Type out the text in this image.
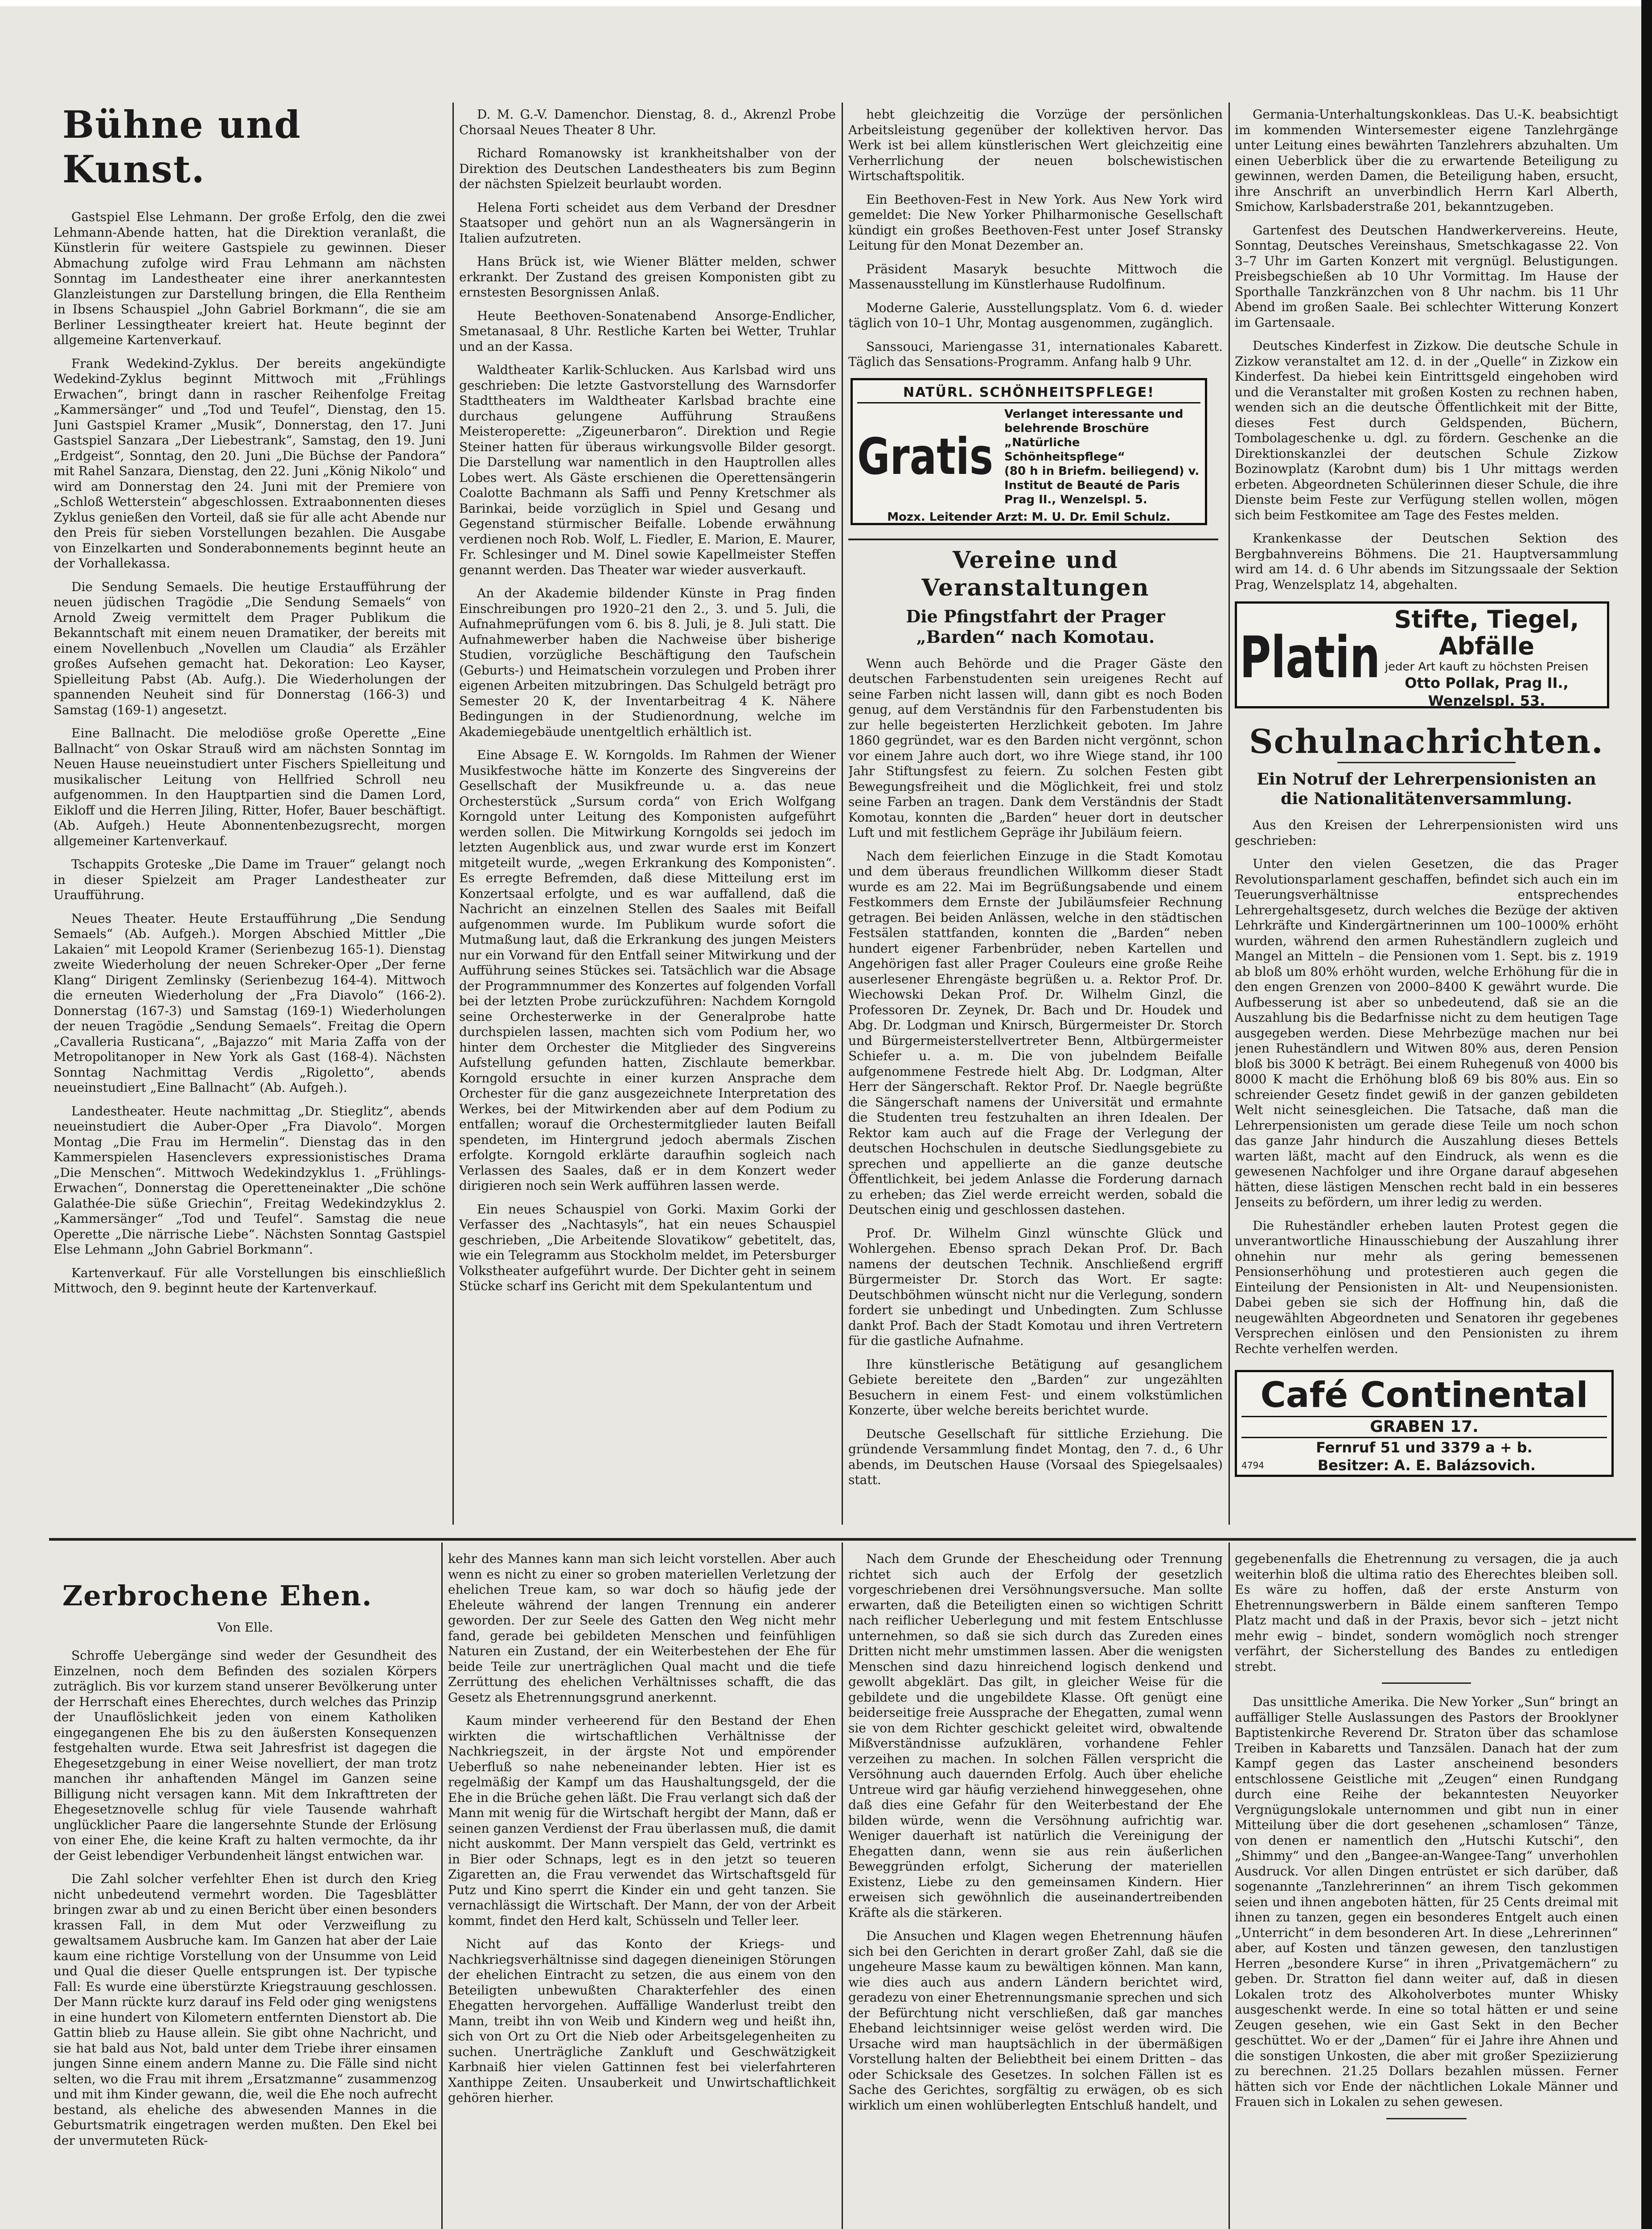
Bühne und Kunst.

Gastspiel Else Lehmann. Der große Erfolg, den die zwei Lehmann-Abende hatten, hat die Direktion veranlaßt, die Künstlerin für weitere Gastspiele zu gewinnen. Dieser Abmachung zufolge wird Frau Lehmann am nächsten Sonntag im Landestheater eine ihrer anerkanntesten Glanzleistungen zur Darstellung bringen, die Ella Rentheim in Ibsens Schauspiel „John Gabriel Borkmann“, die sie am Berliner Lessingtheater kreiert hat. Heute beginnt der allgemeine Kartenverkauf.

Frank Wedekind-Zyklus. Der bereits angekündigte Wedekind-Zyklus beginnt Mittwoch mit „Frühlings Erwachen“, bringt dann in rascher Reihenfolge Freitag „Kammersänger“ und „Tod und Teufel“, Dienstag, den 15. Juni Gastspiel Kramer „Musik“, Donnerstag, den 17. Juni Gastspiel Sanzara „Der Liebestrank“, Samstag, den 19. Juni „Erdgeist“, Sonntag, den 20. Juni „Die Büchse der Pandora“ mit Rahel Sanzara, Dienstag, den 22. Juni „König Nikolo“ und wird am Donnerstag den 24. Juni mit der Premiere von „Schloß Wetterstein“ abgeschlossen. Extraabonnenten dieses Zyklus genießen den Vorteil, daß sie für alle acht Abende nur den Preis für sieben Vorstellungen bezahlen. Die Ausgabe von Einzelkarten und Sonderabonnements beginnt heute an der Vorhallekassa.

Die Sendung Semaels. Die heutige Erstaufführung der neuen jüdischen Tragödie „Die Sendung Semaels“ von Arnold Zweig vermittelt dem Prager Publikum die Bekanntschaft mit einem neuen Dramatiker, der bereits mit einem Novellenbuch „Novellen um Claudia“ als Erzähler großes Aufsehen gemacht hat. Dekoration: Leo Kayser, Spielleitung Pabst (Ab. Aufg.). Die Wiederholungen der spannenden Neuheit sind für Donnerstag (166-3) und Samstag (169-1) angesetzt.

Eine Ballnacht. Die melodiöse große Operette „Eine Ballnacht“ von Oskar Strauß wird am nächsten Sonntag im Neuen Hause neueinstudiert unter Fischers Spielleitung und musikalischer Leitung von Hellfried Schroll neu aufgenommen. In den Hauptpartien sind die Damen Lord, Eikloff und die Herren Jiling, Ritter, Hofer, Bauer beschäftigt. (Ab. Aufgeh.) Heute Abonnentenbezugsrecht, morgen allgemeiner Kartenverkauf.

Tschappits Groteske „Die Dame im Trauer“ gelangt noch in dieser Spielzeit am Prager Landestheater zur Uraufführung.

Neues Theater. Heute Erstaufführung „Die Sendung Semaels“ (Ab. Aufgeh.). Morgen Abschied Mittler „Die Lakaien“ mit Leopold Kramer (Serienbezug 165-1). Dienstag zweite Wiederholung der neuen Schreker-Oper „Der ferne Klang“ Dirigent Zemlinsky (Serienbezug 164-4). Mittwoch die erneuten Wiederholung der „Fra Diavolo“ (166-2). Donnerstag (167-3) und Samstag (169-1) Wiederholungen der neuen Tragödie „Sendung Semaels“. Freitag die Opern „Cavalleria Rusticana“, „Bajazzo“ mit Maria Zaffa von der Metropolitanoper in New York als Gast (168-4). Nächsten Sonntag Nachmittag Verdis „Rigoletto“, abends neueinstudiert „Eine Ballnacht“ (Ab. Aufgeh.).

Landestheater. Heute nachmittag „Dr. Stieglitz“, abends neueinstudiert die Auber-Oper „Fra Diavolo“. Morgen Montag „Die Frau im Hermelin“. Dienstag das in den Kammerspielen Hasenclevers expressionistisches Drama „Die Menschen“. Mittwoch Wedekindzyklus 1. „Frühlings-Erwachen“, Donnerstag die Operetteneinakter „Die schöne Galathée-Die süße Griechin“, Freitag Wedekindzyklus 2. „Kammersänger“ „Tod und Teufel“. Samstag die neue Operette „Die närrische Liebe“. Nächsten Sonntag Gastspiel Else Lehmann „John Gabriel Borkmann“.

Kartenverkauf. Für alle Vorstellungen bis einschließlich Mittwoch, den 9. beginnt heute der Kartenverkauf.

D. M. G.-V. Damenchor. Dienstag, 8. d., Akrenzl Probe Chorsaal Neues Theater 8 Uhr.

Richard Romanowsky ist krankheitshalber von der Direktion des Deutschen Landestheaters bis zum Beginn der nächsten Spielzeit beurlaubt worden.

Helena Forti scheidet aus dem Verband der Dresdner Staatsoper und gehört nun an als Wagnersängerin in Italien aufzutreten.

Hans Brück ist, wie Wiener Blätter melden, schwer erkrankt. Der Zustand des greisen Komponisten gibt zu ernstesten Besorgnissen Anlaß.

Heute Beethoven-Sonatenabend Ansorge-Endlicher, Smetanasaal, 8 Uhr. Restliche Karten bei Wetter, Truhlar und an der Kassa.

Waldtheater Karlik-Schlucken. Aus Karlsbad wird uns geschrieben: Die letzte Gastvorstellung des Warnsdorfer Stadttheaters im Waldtheater Karlsbad brachte eine durchaus gelungene Aufführung Straußens Meisteroperette: „Zigeunerbaron“. Direktion und Regie Steiner hatten für überaus wirkungsvolle Bilder gesorgt. Die Darstellung war namentlich in den Hauptrollen alles Lobes wert. Als Gäste erschienen die Operettensängerin Coalotte Bachmann als Saffi und Penny Kretschmer als Barinkai, beide vorzüglich in Spiel und Gesang und Gegenstand stürmischer Beifalle. Lobende erwähnung verdienen noch Rob. Wolf, L. Fiedler, E. Marion, E. Maurer, Fr. Schlesinger und M. Dinel sowie Kapellmeister Steffen genannt werden. Das Theater war wieder ausverkauft.

An der Akademie bildender Künste in Prag finden Einschreibungen pro 1920–21 den 2., 3. und 5. Juli, die Aufnahmeprüfungen vom 6. bis 8. Juli, je 8. Juli statt. Die Aufnahmewerber haben die Nachweise über bisherige Studien, vorzügliche Beschäftigung den Taufschein (Geburts-) und Heimatschein vorzulegen und Proben ihrer eigenen Arbeiten mitzubringen. Das Schulgeld beträgt pro Semester 20 K, der Inventarbeitrag 4 K. Nähere Bedingungen in der Studienordnung, welche im Akademiegebäude unentgeltlich erhältlich ist.

Eine Absage E. W. Korngolds. Im Rahmen der Wiener Musikfestwoche hätte im Konzerte des Singvereins der Gesellschaft der Musikfreunde u. a. das neue Orchesterstück „Sursum corda“ von Erich Wolfgang Korngold unter Leitung des Komponisten aufgeführt werden sollen. Die Mitwirkung Korngolds sei jedoch im letzten Augenblick aus, und zwar wurde erst im Konzert mitgeteilt wurde, „wegen Erkrankung des Komponisten“. Es erregte Befremden, daß diese Mitteilung erst im Konzertsaal erfolgte, und es war auffallend, daß die Nachricht an einzelnen Stellen des Saales mit Beifall aufgenommen wurde. Im Publikum wurde sofort die Mutmaßung laut, daß die Erkrankung des jungen Meisters nur ein Vorwand für den Entfall seiner Mitwirkung und der Aufführung seines Stückes sei. Tatsächlich war die Absage der Programmnummer des Konzertes auf folgenden Vorfall bei der letzten Probe zurückzuführen: Nachdem Korngold seine Orchesterwerke in der Generalprobe hatte durchspielen lassen, machten sich vom Podium her, wo hinter dem Orchester die Mitglieder des Singvereins Aufstellung gefunden hatten, Zischlaute bemerkbar. Korngold ersuchte in einer kurzen Ansprache dem Orchester für die ganz ausgezeichnete Interpretation des Werkes, bei der Mitwirkenden aber auf dem Podium zu entfallen; worauf die Orchestermitglieder lauten Beifall spendeten, im Hintergrund jedoch abermals Zischen erfolgte. Korngold erklärte daraufhin sogleich nach Verlassen des Saales, daß er in dem Konzert weder dirigieren noch sein Werk aufführen lassen werde.

Ein neues Schauspiel von Gorki. Maxim Gorki der Verfasser des „Nachtasyls“, hat ein neues Schauspiel geschrieben, „Die Arbeitende Slovatikow“ gebetitelt, das, wie ein Telegramm aus Stockholm meldet, im Petersburger Volkstheater aufgeführt wurde. Der Dichter geht in seinem Stücke scharf ins Gericht mit dem Spekulantentum und

hebt gleichzeitig die Vorzüge der persönlichen Arbeitsleistung gegenüber der kollektiven hervor. Das Werk ist bei allem künstlerischen Wert gleichzeitig eine Verherrlichung der neuen bolschewistischen Wirtschaftspolitik.

Ein Beethoven-Fest in New York. Aus New York wird gemeldet: Die New Yorker Philharmonische Gesellschaft kündigt ein großes Beethoven-Fest unter Josef Stransky Leitung für den Monat Dezember an.

Präsident Masaryk besuchte Mittwoch die Massenausstellung im Künstlerhause Rudolfinum.

Moderne Galerie, Ausstellungsplatz. Vom 6. d. wieder täglich von 10–1 Uhr, Montag ausgenommen, zugänglich.

Sanssouci, Mariengasse 31, internationales Kabarett. Täglich das Sensations-Programm. Anfang halb 9 Uhr.

NATÜRL. SCHÖNHEITSPFLEGE!
Gratis
Verlanget interessante und belehrende Broschüre „Natürliche Schönheitspflege“
(80 h in Briefm. beiliegend) v.
Institut de Beauté de Paris Prag II., Wenzelspl. 5.
Mozx. Leitender Arzt: M. U. Dr. Emil Schulz.
Vereine und Veranstaltungen
Die Pfingstfahrt der Prager „Barden“ nach Komotau.

Wenn auch Behörde und die Prager Gäste den deutschen Farbenstudenten sein ureigenes Recht auf seine Farben nicht lassen will, dann gibt es noch Boden genug, auf dem Verständnis für den Farbenstudenten bis zur helle begeisterten Herzlichkeit geboten. Im Jahre 1860 gegründet, war es den Barden nicht vergönnt, schon vor einem Jahre auch dort, wo ihre Wiege stand, ihr 100 Jahr Stiftungsfest zu feiern. Zu solchen Festen gibt Bewegungsfreiheit und die Möglichkeit, frei und stolz seine Farben an tragen. Dank dem Verständnis der Stadt Komotau, konnten die „Barden“ heuer dort in deutscher Luft und mit festlichem Gepräge ihr Jubiläum feiern.

Nach dem feierlichen Einzuge in die Stadt Komotau und dem überaus freundlichen Willkomm dieser Stadt wurde es am 22. Mai im Begrüßungsabende und einem Festkommers dem Ernste der Jubiläumsfeier Rechnung getragen. Bei beiden Anlässen, welche in den städtischen Festsälen stattfanden, konnten die „Barden“ neben hundert eigener Farbenbrüder, neben Kartellen und Angehörigen fast aller Prager Couleurs eine große Reihe auserlesener Ehrengäste begrüßen u. a. Rektor Prof. Dr. Wiechowski Dekan Prof. Dr. Wilhelm Ginzl, die Professoren Dr. Zeynek, Dr. Bach und Dr. Houdek und Abg. Dr. Lodgman und Knirsch, Bürgermeister Dr. Storch und Bürgermeisterstellvertreter Benn, Altbürgermeister Schiefer u. a. m. Die von jubelndem Beifalle aufgenommene Festrede hielt Abg. Dr. Lodgman, Alter Herr der Sängerschaft. Rektor Prof. Dr. Naegle begrüßte die Sängerschaft namens der Universität und ermahnte die Studenten treu festzuhalten an ihren Idealen. Der Rektor kam auch auf die Frage der Verlegung der deutschen Hochschulen in deutsche Siedlungsgebiete zu sprechen und appellierte an die ganze deutsche Öffentlichkeit, bei jedem Anlasse die Forderung darnach zu erheben; das Ziel werde erreicht werden, sobald die Deutschen einig und geschlossen dastehen.

Prof. Dr. Wilhelm Ginzl wünschte Glück und Wohlergehen. Ebenso sprach Dekan Prof. Dr. Bach namens der deutschen Technik. Anschließend ergriff Bürgermeister Dr. Storch das Wort. Er sagte: Deutschböhmen wünscht nicht nur die Verlegung, sondern fordert sie unbedingt und Unbedingten. Zum Schlusse dankt Prof. Bach der Stadt Komotau und ihren Vertretern für die gastliche Aufnahme.

Ihre künstlerische Betätigung auf gesanglichem Gebiete bereitete den „Barden“ zur ungezählten Besuchern in einem Fest- und einem volkstümlichen Konzerte, über welche bereits berichtet wurde.

Deutsche Gesellschaft für sittliche Erziehung. Die gründende Versammlung findet Montag, den 7. d., 6 Uhr abends, im Deutschen Hause (Vorsaal des Spiegelsaales) statt.

Germania-Unterhaltungskonkleas. Das U.-K. beabsichtigt im kommenden Wintersemester eigene Tanzlehrgänge unter Leitung eines bewährten Tanzlehrers abzuhalten. Um einen Ueberblick über die zu erwartende Beteiligung zu gewinnen, werden Damen, die Beteiligung haben, ersucht, ihre Anschrift an unverbindlich Herrn Karl Alberth, Smichow, Karlsbaderstraße 201, bekanntzugeben.

Gartenfest des Deutschen Handwerkervereins. Heute, Sonntag, Deutsches Vereinshaus, Smetschkagasse 22. Von 3–7 Uhr im Garten Konzert mit vergnügl. Belustigungen. Preisbegschießen ab 10 Uhr Vormittag. Im Hause der Sporthalle Tanzkränzchen von 8 Uhr nachm. bis 11 Uhr Abend im großen Saale. Bei schlechter Witterung Konzert im Gartensaale.

Deutsches Kinderfest in Zizkow. Die deutsche Schule in Zizkow veranstaltet am 12. d. in der „Quelle“ in Zizkow ein Kinderfest. Da hiebei kein Eintrittsgeld eingehoben wird und die Veranstalter mit großen Kosten zu rechnen haben, wenden sich an die deutsche Öffentlichkeit mit der Bitte, dieses Fest durch Geldspenden, Büchern, Tombolageschenke u. dgl. zu fördern. Geschenke an die Direktionskanzlei der deutschen Schule Zizkow Bozinowplatz (Karobnt dum) bis 1 Uhr mittags werden erbeten. Abgeordneten Schülerinnen dieser Schule, die ihre Dienste beim Feste zur Verfügung stellen wollen, mögen sich beim Festkomitee am Tage des Festes melden.

Krankenkasse der Deutschen Sektion des Bergbahnvereins Böhmens. Die 21. Hauptversammlung wird am 14. d. 6 Uhr abends im Sitzungssaale der Sektion Prag, Wenzelsplatz 14, abgehalten.

Platin
Stifte, Tiegel,
Abfälle
jeder Art kauft zu höchsten Preisen
Otto Pollak, Prag II., Wenzelspl. 53.
Schulnachrichten.
Ein Notruf der Lehrerpensionisten an die Nationalitätenversammlung.

Aus den Kreisen der Lehrerpensionisten wird uns geschrieben:

Unter den vielen Gesetzen, die das Prager Revolutionsparlament geschaffen, befindet sich auch ein im Teuerungsverhältnisse entsprechendes Lehrergehaltsgesetz, durch welches die Bezüge der aktiven Lehrkräfte und Kindergärtnerinnen um 100–1000% erhöht wurden, während den armen Ruheständlern zugleich und Mangel an Mitteln – die Pensionen vom 1. Sept. bis z. 1919 ab bloß um 80% erhöht wurden, welche Erhöhung für die in den engen Grenzen von 2000–8400 K gewährt wurde. Die Aufbesserung ist aber so unbedeutend, daß sie an die Auszahlung bis die Bedarfnisse nicht zu dem heutigen Tage ausgegeben werden. Diese Mehrbezüge machen nur bei jenen Ruheständlern und Witwen 80% aus, deren Pension bloß bis 3000 K beträgt. Bei einem Ruhegenuß von 4000 bis 8000 K macht die Erhöhung bloß 69 bis 80% aus. Ein so schreiender Gesetz findet gewiß in der ganzen gebildeten Welt nicht seinesgleichen. Die Tatsache, daß man die Lehrerpensionisten um gerade diese Teile um noch schon das ganze Jahr hindurch die Auszahlung dieses Bettels warten läßt, macht auf den Eindruck, als wenn es die gewesenen Nachfolger und ihre Organe darauf abgesehen hätten, diese lästigen Menschen recht bald in ein besseres Jenseits zu befördern, um ihrer ledig zu werden.

Die Ruheständler erheben lauten Protest gegen die unverantwortliche Hinausschiebung der Auszahlung ihrer ohnehin nur mehr als gering bemessenen Pensionserhöhung und protestieren auch gegen die Einteilung der Pensionisten in Alt- und Neupensionisten. Dabei geben sie sich der Hoffnung hin, daß die neugewählten Abgeordneten und Senatoren ihr gegebenes Versprechen einlösen und den Pensionisten zu ihrem Rechte verhelfen werden.

Café Continental
GRABEN 17.
Fernruf 51 und 3379 a + b.
4794	Besitzer: A. E. Balázsovich.
Zerbrochene Ehen.
Von Elle.

Schroffe Uebergänge sind weder der Gesundheit des Einzelnen, noch dem Befinden des sozialen Körpers zuträglich. Bis vor kurzem stand unserer Bevölkerung unter der Herrschaft eines Eherechtes, durch welches das Prinzip der Unauflöslichkeit jeden von einem Katholiken eingegangenen Ehe bis zu den äußersten Konsequenzen festgehalten wurde. Etwa seit Jahresfrist ist dagegen die Ehegesetzgebung in einer Weise novelliert, der man trotz manchen ihr anhaftenden Mängel im Ganzen seine Billigung nicht versagen kann. Mit dem Inkrafttreten der Ehegesetznovelle schlug für viele Tausende wahrhaft unglücklicher Paare die langersehnte Stunde der Erlösung von einer Ehe, die keine Kraft zu halten vermochte, da ihr der Geist lebendiger Verbundenheit längst entwichen war.

Die Zahl solcher verfehlter Ehen ist durch den Krieg nicht unbedeutend vermehrt worden. Die Tagesblätter bringen zwar ab und zu einen Bericht über einen besonders krassen Fall, in dem Mut oder Verzweiflung zu gewaltsamem Ausbruche kam. Im Ganzen hat aber der Laie kaum eine richtige Vorstellung von der Unsumme von Leid und Qual die dieser Quelle entsprungen ist. Der typische Fall: Es wurde eine überstürzte Kriegstrauung geschlossen. Der Mann rückte kurz darauf ins Feld oder ging wenigstens in eine hundert von Kilometern entfernten Dienstort ab. Die Gattin blieb zu Hause allein. Sie gibt ohne Nachricht, und sie hat bald aus Not, bald unter dem Triebe ihrer einsamen jungen Sinne einem andern Manne zu. Die Fälle sind nicht selten, wo die Frau mit ihrem „Ersatzmanne“ zusammenzog und mit ihm Kinder gewann, die, weil die Ehe noch aufrecht bestand, als eheliche des abwesenden Mannes in die Geburtsmatrik eingetragen werden mußten. Den Ekel bei der unvermuteten Rück-

kehr des Mannes kann man sich leicht vorstellen. Aber auch wenn es nicht zu einer so groben materiellen Verletzung der ehelichen Treue kam, so war doch so häufig jede der Eheleute während der langen Trennung ein anderer geworden. Der zur Seele des Gatten den Weg nicht mehr fand, gerade bei gebildeten Menschen und feinfühligen Naturen ein Zustand, der ein Weiterbestehen der Ehe für beide Teile zur unerträglichen Qual macht und die tiefe Zerrüttung des ehelichen Verhältnisses schafft, die das Gesetz als Ehetrennungsgrund anerkennt.

Kaum minder verheerend für den Bestand der Ehen wirkten die wirtschaftlichen Verhältnisse der Nachkriegszeit, in der ärgste Not und empörender Ueberfluß so nahe nebeneinander lebten. Hier ist es regelmäßig der Kampf um das Haushaltungsgeld, der die Ehe in die Brüche gehen läßt. Die Frau verlangt sich daß der Mann mit wenig für die Wirtschaft hergibt der Mann, daß er seinen ganzen Verdienst der Frau überlassen muß, die damit nicht auskommt. Der Mann verspielt das Geld, vertrinkt es in Bier oder Schnaps, legt es in den jetzt so teueren Zigaretten an, die Frau verwendet das Wirtschaftsgeld für Putz und Kino sperrt die Kinder ein und geht tanzen. Sie vernachlässigt die Wirtschaft. Der Mann, der von der Arbeit kommt, findet den Herd kalt, Schüsseln und Teller leer.

Nicht auf das Konto der Kriegs- und Nachkriegsverhältnisse sind dagegen dieneinigen Störungen der ehelichen Eintracht zu setzen, die aus einem von den Beteiligten unbewußten Charakterfehler des einen Ehegatten hervorgehen. Auffällige Wanderlust treibt den Mann, treibt ihn von Weib und Kindern weg und heißt ihn, sich von Ort zu Ort die Nieb oder Arbeitsgelegenheiten zu suchen. Unerträgliche Zankluft und Geschwätzigkeit Karbnaiß hier vielen Gattinnen fest bei vielerfahrteren Xanthippe Zeiten. Unsauberkeit und Unwirtschaftlichkeit gehören hierher.

Nach dem Grunde der Ehescheidung oder Trennung richtet sich auch der Erfolg der gesetzlich vorgeschriebenen drei Versöhnungsversuche. Man sollte erwarten, daß die Beteiligten einen so wichtigen Schritt nach reiflicher Ueberlegung und mit festem Entschlusse unternehmen, so daß sie sich durch das Zureden eines Dritten nicht mehr umstimmen lassen. Aber die wenigsten Menschen sind dazu hinreichend logisch denkend und gewollt abgeklärt. Das gilt, in gleicher Weise für die gebildete und die ungebildete Klasse. Oft genügt eine beiderseitige freie Aussprache der Ehegatten, zumal wenn sie von dem Richter geschickt geleitet wird, obwaltende Mißverständnisse aufzuklären, vorhandene Fehler verzeihen zu machen. In solchen Fällen verspricht die Versöhnung auch dauernden Erfolg. Auch über eheliche Untreue wird gar häufig verziehend hinweggesehen, ohne daß dies eine Gefahr für den Weiterbestand der Ehe bilden würde, wenn die Versöhnung aufrichtig war. Weniger dauerhaft ist natürlich die Vereinigung der Ehegatten dann, wenn sie aus rein äußerlichen Beweggründen erfolgt, Sicherung der materiellen Existenz, Liebe zu den gemeinsamen Kindern. Hier erweisen sich gewöhnlich die auseinandertreibenden Kräfte als die stärkeren.

Die Ansuchen und Klagen wegen Ehetrennung häufen sich bei den Gerichten in derart großer Zahl, daß sie die ungeheure Masse kaum zu bewältigen können. Man kann, wie dies auch aus andern Ländern berichtet wird, geradezu von einer Ehetrennungsmanie sprechen und sich der Befürchtung nicht verschließen, daß gar manches Eheband leichtsinniger weise gelöst werden wird. Die Ursache wird man hauptsächlich in der übermäßigen Vorstellung halten der Beliebtheit bei einem Dritten – das oder Schicksale des Gesetzes. In solchen Fällen ist es Sache des Gerichtes, sorgfältig zu erwägen, ob es sich wirklich um einen wohlüberlegten Entschluß handelt, und

gegebenenfalls die Ehetrennung zu versagen, die ja auch weiterhin bloß die ultima ratio des Eherechtes bleiben soll. Es wäre zu hoffen, daß der erste Ansturm von Ehetrennungswerbern in Bälde einem sanfteren Tempo Platz macht und daß in der Praxis, bevor sich – jetzt nicht mehr ewig – bindet, sondern womöglich noch strenger verfährt, der Sicherstellung des Bandes zu entledigen strebt.

Das unsittliche Amerika. Die New Yorker „Sun“ bringt an auffälliger Stelle Auslassungen des Pastors der Brooklyner Baptistenkirche Reverend Dr. Straton über das schamlose Treiben in Kabaretts und Tanzsälen. Danach hat der zum Kampf gegen das Laster anscheinend besonders entschlossene Geistliche mit „Zeugen“ einen Rundgang durch eine Reihe der bekanntesten Neuyorker Vergnügungslokale unternommen und gibt nun in einer Mitteilung über die dort gesehenen „schamlosen“ Tänze, von denen er namentlich den „Hutschi Kutschi“, den „Shimmy“ und den „Bangee-an-Wangee-Tang“ unverhohlen Ausdruck. Vor allen Dingen entrüstet er sich darüber, daß sogenannte „Tanzlehrerinnen“ an ihrem Tisch gekommen seien und ihnen angeboten hätten, für 25 Cents dreimal mit ihnen zu tanzen, gegen ein besonderes Entgelt auch einen „Unterricht“ in dem besonderen Art. In diese „Lehrerinnen“ aber, auf Kosten und tänzen gewesen, den tanzlustigen Herren „besondere Kurse“ in ihren „Privatgemächern“ zu geben. Dr. Stratton fiel dann weiter auf, daß in diesen Lokalen trotz des Alkoholverbotes munter Whisky ausgeschenkt werde. In eine so total hätten er und seine Zeugen gesehen, wie ein Gast Sekt in den Becher geschüttet. Wo er der „Damen“ für ei Jahre ihre Ahnen und die sonstigen Unkosten, die aber mit großer Speziizierung zu berechnen. 21.25 Dollars bezahlen müssen. Ferner hätten sich vor Ende der nächtlichen Lokale Männer und Frauen sich in Lokalen zu sehen gewesen.
